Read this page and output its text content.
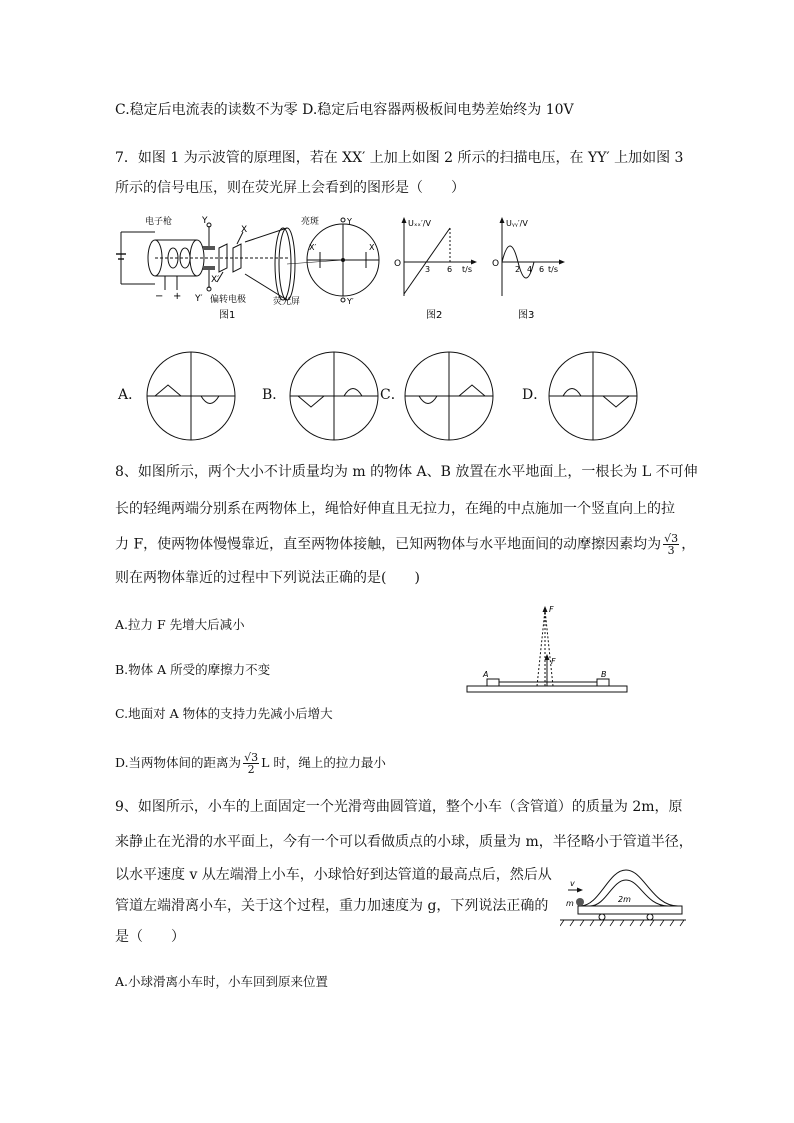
C.稳定后电流表的读数不为零 D.稳定后电容器两极板间电势差始终为 10V
7．如图 1 为示波管的原理图，若在 XX′ 上加上如图 2 所示的扫描电压，在 YY′ 上加如图 3
所示的信号电压，则在荧光屏上会看到的图形是（　　）
电子枪	Y
Y′
X
X′
偏转电极	荧光屏
亮斑	Y
Y′
X′	X
− +
图1
Uₓₓ′/V
O
3 6 t/s
图2
Uᵧᵧ′/V
O
2 4 6 t/s
图3
A．	B．	C．	D．
8、如图所示，两个大小不计质量均为 m 的物体 A、B 放置在水平地面上，一根长为 L 不可伸
长的轻绳两端分别系在两物体上，绳恰好伸直且无拉力，在绳的中点施加一个竖直向上的拉
力 F，使两物体慢慢靠近，直至两物体接触，已知两物体与水平地面间的动摩擦因素均为 $\frac{√3}{3}$ ，
则在两物体靠近的过程中下列说法正确的是(　　)
A.拉力 F 先增大后减小
B.物体 A 所受的摩擦力不变
C.地面对 A 物体的支持力先减小后增大
D.当两物体间的距离为 $\frac{√3}{2}$ L 时，绳上的拉力最小
F
F
A	B
9、如图所示，小车的上面固定一个光滑弯曲圆管道，整个小车（含管道）的质量为 2m，原
来静止在光滑的水平面上，今有一个可以看做质点的小球，质量为 m，半径略小于管道半径，
以水平速度 v 从左端滑上小车，小球恰好到达管道的最高点后，然后从
管道左端滑离小车，关于这个过程，重力加速度为 g，下列说法正确的
是（　　）
A.小球滑离小车时，小车回到原来位置
v
m	2m
